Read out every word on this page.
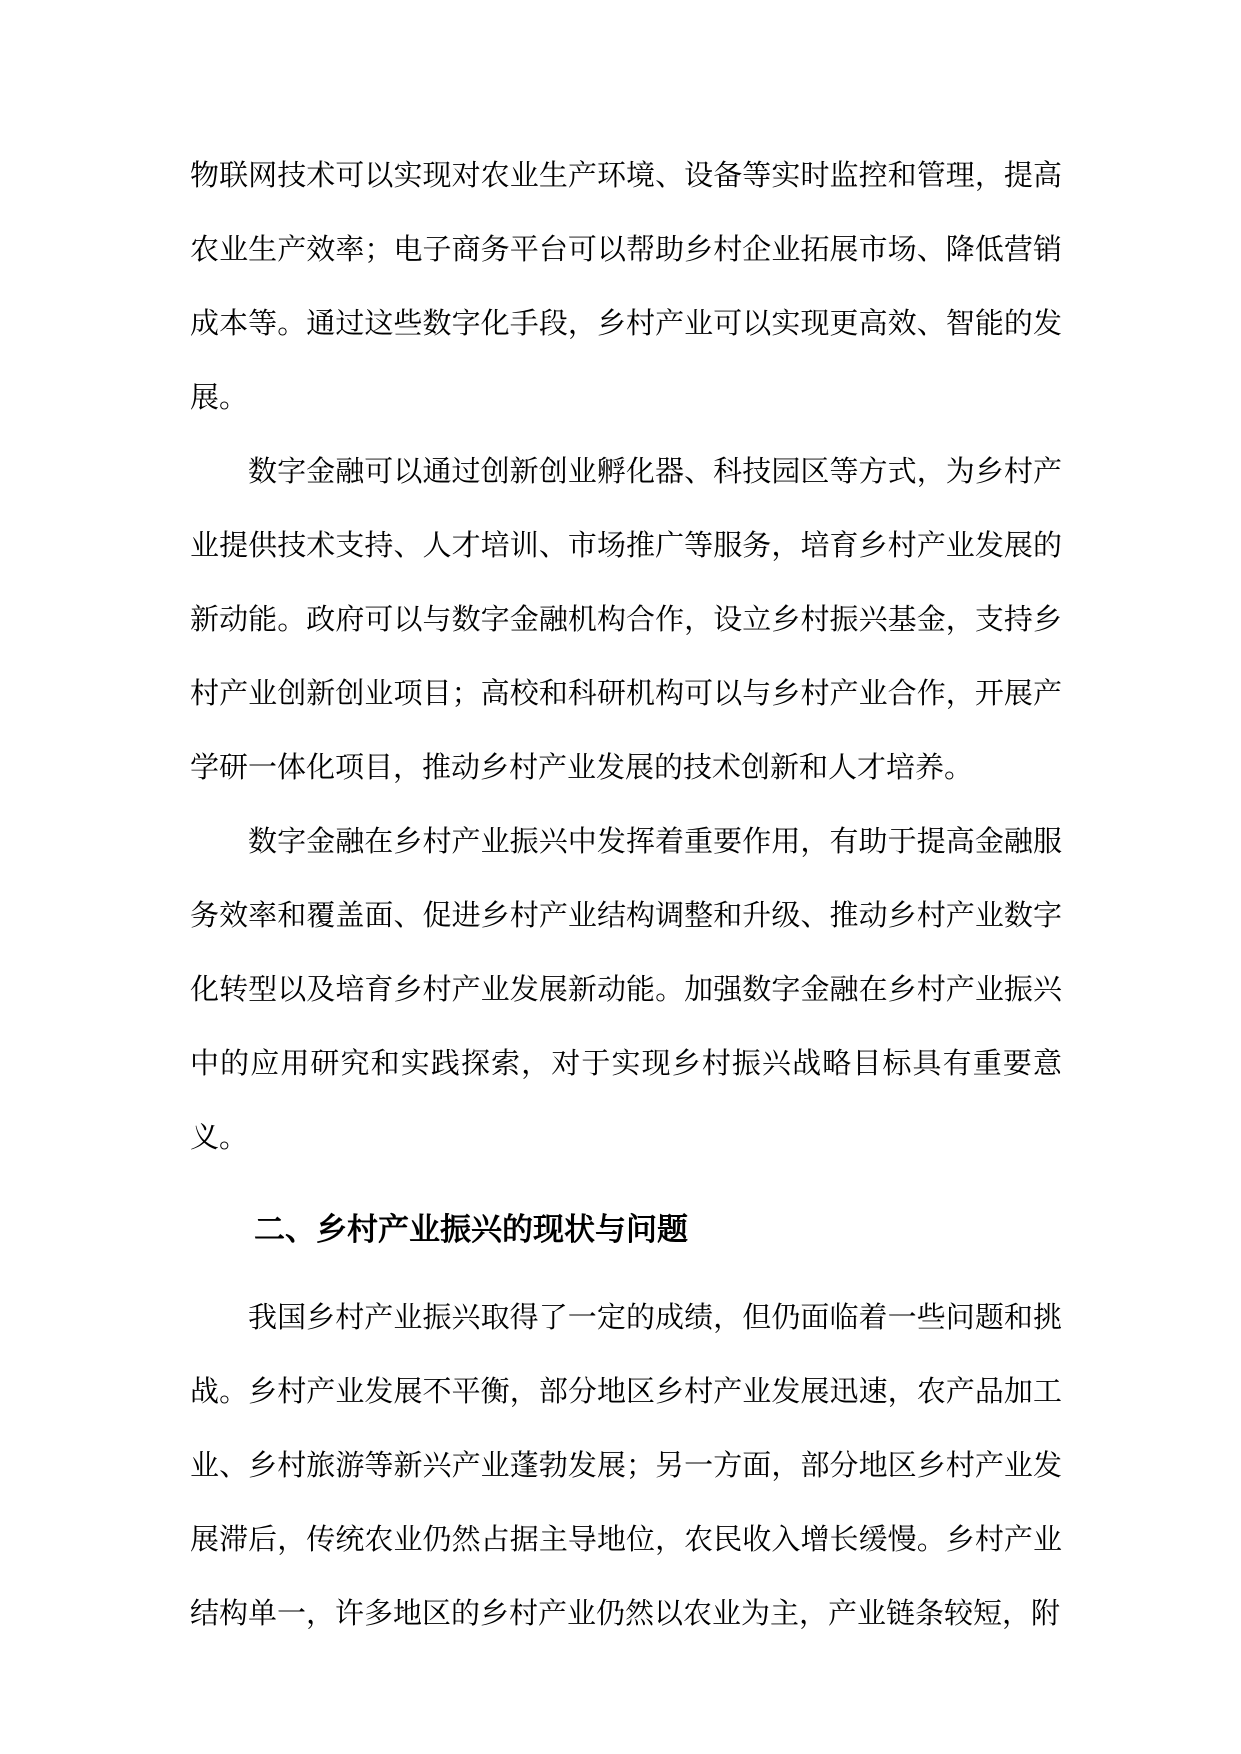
物联网技术可以实现对农业生产环境、设备等实时监控和管理，提高农业生产效率；电子商务平台可以帮助乡村企业拓展市场、降低营销成本等。通过这些数字化手段，乡村产业可以实现更高效、智能的发展。

数字金融可以通过创新创业孵化器、科技园区等方式，为乡村产业提供技术支持、人才培训、市场推广等服务，培育乡村产业发展的新动能。政府可以与数字金融机构合作，设立乡村振兴基金，支持乡村产业创新创业项目；高校和科研机构可以与乡村产业合作，开展产学研一体化项目，推动乡村产业发展的技术创新和人才培养。

数字金融在乡村产业振兴中发挥着重要作用，有助于提高金融服务效率和覆盖面、促进乡村产业结构调整和升级、推动乡村产业数字化转型以及培育乡村产业发展新动能。加强数字金融在乡村产业振兴中的应用研究和实践探索，对于实现乡村振兴战略目标具有重要意义。

二、乡村产业振兴的现状与问题

我国乡村产业振兴取得了一定的成绩，但仍面临着一些问题和挑战。乡村产业发展不平衡，部分地区乡村产业发展迅速，农产品加工业、乡村旅游等新兴产业蓬勃发展；另一方面，部分地区乡村产业发展滞后，传统农业仍然占据主导地位，农民收入增长缓慢。乡村产业结构单一，许多地区的乡村产业仍然以农业为主，产业链条较短，附
